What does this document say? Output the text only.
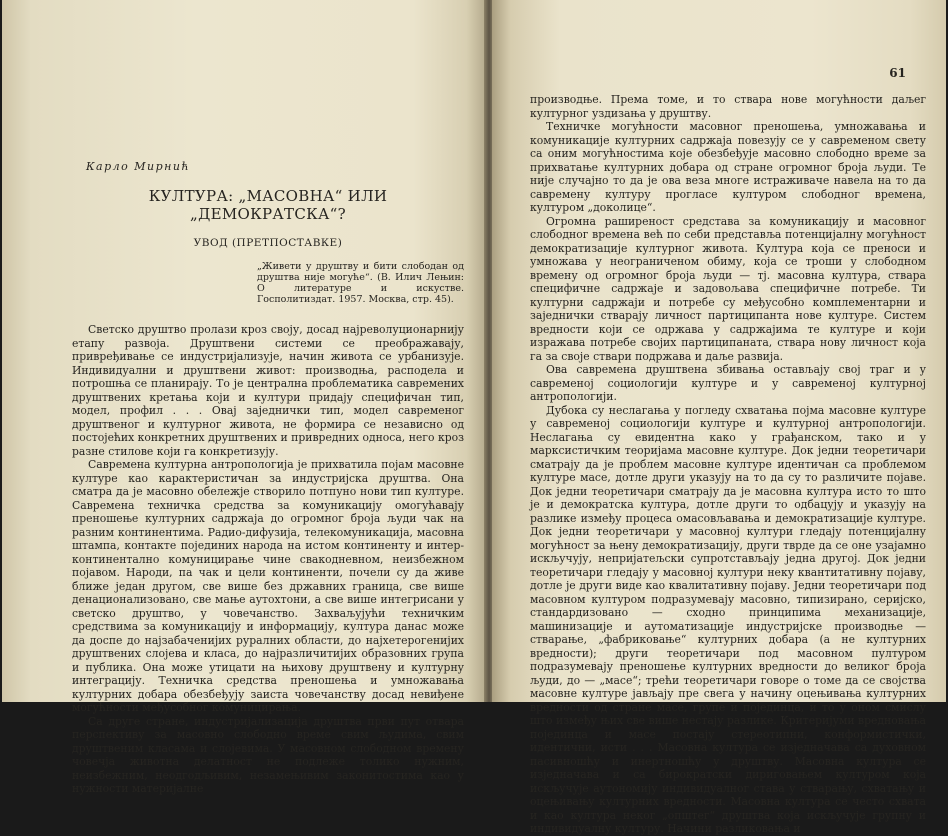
Карло Мирнић
КУЛТУРА: „МАСОВНА“ ИЛИ „ДЕМОКРАТСКА“?
УВОД (ПРЕТПОСТАВКЕ)
„Живети у друштву и бити слободан од друштва није могуће“. (В. Илич Лењин: О литературе и искустве. Госполитиздат. 1957. Москва, стр. 45).

Светско друштво пролази кроз своју, досад најреволуционарнију етапу развоја. Друштвени системи се преображавају, привређивање се индустријализује, начин живота се урбанизује. Индивидуални и друштвени живот: производња, расподела и потрошња се планирају. То је централна проблематика савремених друштвених кретања који и култури придају специфичан тип, модел, профил . . . Овај заједнички тип, модел савременог друштвеног и културног живота, не формира се независно од постојећих конкретних друштвених и привредних односа, него кроз разне стилове који га конкретизују.

Савремена културна антропологија је прихватила појам масовне културе као карактеристичан за индустријска друштва. Она сматра да је масовно обележје створило потпуно нови тип културе. Савремена техничка средства за комуникацију омогућавају преношење културних садржаја до огромног броја људи чак на разним континентима. Радио-дифузија, телекомуникација, масовна штампа, контакте појединих народа на истом континенту и интер-континентално комуницирање чине свакодневном, неизбежном појавом. Народи, па чак и цели континенти, почели су да живе ближе један другом, све више без државних граница, све више денационализовано, све мање аутохтони, а све више интегрисани у светско друштво, у човечанство. Захваљујући техничким средствима за комуникацију и информацију, култура данас може да доспе до најзабаченијих руралних области, до најхетерогенијих друштвених слојева и класа, до најразличитијих образовних група и публика. Она може утицати на њихову друштвену и културну интеграцију. Техничка средства преношења и умножавања културних добара обезбеђују заиста човечанству досад невиђене могућности међусобног комуницирања.

Са друге стране, индустријализација друштва први пут отвара перспективу за масовно слободно време свим људима, свим друштвеним класама и слојевима. У масовном слободном времену човечја животна делатност не подлеже толико нужним, неизбежним, неодгодљивим, незамењивим законитостима као у нужности материјалне

61

производње. Према томе, и то ствара нове могућности даљег културног уздизања у друштву.

Техничке могућности масовног преношења, умножавања и комуникације културних садржаја повезују се у савременом свету са оним могућностима које обезбеђује масовно слободно време за прихватање културних добара од стране огромног броја људи. Те није случајно то да је ова веза многе истраживаче навела на то да савремену културу прогласе културом слободног времена, културом „доколице“.

Огромна раширеност средстава за комуникацију и масовног слободног времена већ по себи представља потенцијалну могућност демократизације културног живота. Култура која се преноси и умножава у неограниченом обиму, која се троши у слободном времену од огромног броја људи — тј. масовна култура, ствара специфичне садржаје и задовољава специфичне потребе. Ти културни садржаји и потребе су међусобно комплементарни и заједнички стварају личност партиципанта нове културе. Систем вредности који се одржава у садржајима те културе и који изражава потребе својих партиципаната, ствара нову личност која га за своје ствари подржава и даље развија.

Ова савремена друштвена збивања остављају свој траг и у савременој социологији културе и у савременој културној антропологији.

Дубока су неслагања у погледу схватања појма масовне културе у савременој социологији културе и културној антропологији. Неслагања су евидентна како у грађанском, тако и у марксистичким теоријама масовне културе. Док једни теоретичари сматрају да је проблем масовне културе идентичан са проблемом културе масе, дотле други указују на то да су то различите појаве. Док једни теоретичари сматрају да је масовна култура исто то што је и демократска култура, дотле други то одбацују и указују на разлике између процеса омасовљавања и демократизације културе. Док једни теоретичари у масовној култури гледају потенцијалну могућност за њену демократизацију, други тврде да се оне узајамно искључују, непријатељски супротстављају једна другој. Док једни теоретичари гледају у масовној култури неку квантитативну појаву, дотле је други виде као квалитативну појаву. Једни теоретичари под масовном културом подразумевају масовно, типизирано, серијско, стандардизовано — сходно принципима механизације, машинизације и аутоматизације индустријске производње — стварање, „фабриковање“ културних добара (а не културних вредности); други теоретичари под масовном пултуром подразумевају преношење културних вредности до великог броја људи, до — „масе“; трећи теоретичари говоре о томе да се својства масовне културе јављају пре свега у начину оцењивања културних вредности од стране масе, групе и појединца, и то у оном смислу што између њих све више нестају разлике. Критеријуми вредновања појединца и масе постају стереотипни, конформистички, идентични, исти . . . Масовна култура се изједначава са духовном пасивношћу и инертношћу у друштву. Масовна култура се изједначава и са бирократски дириговањем културом која искључује аутономију индивидуалног става у стварању, схватању и оцењивању културних вредности. Масовна култура се често схвата и као култура неког „општег“ друштва која искључује групну и индивидуалну културу. Начини разликовања и
